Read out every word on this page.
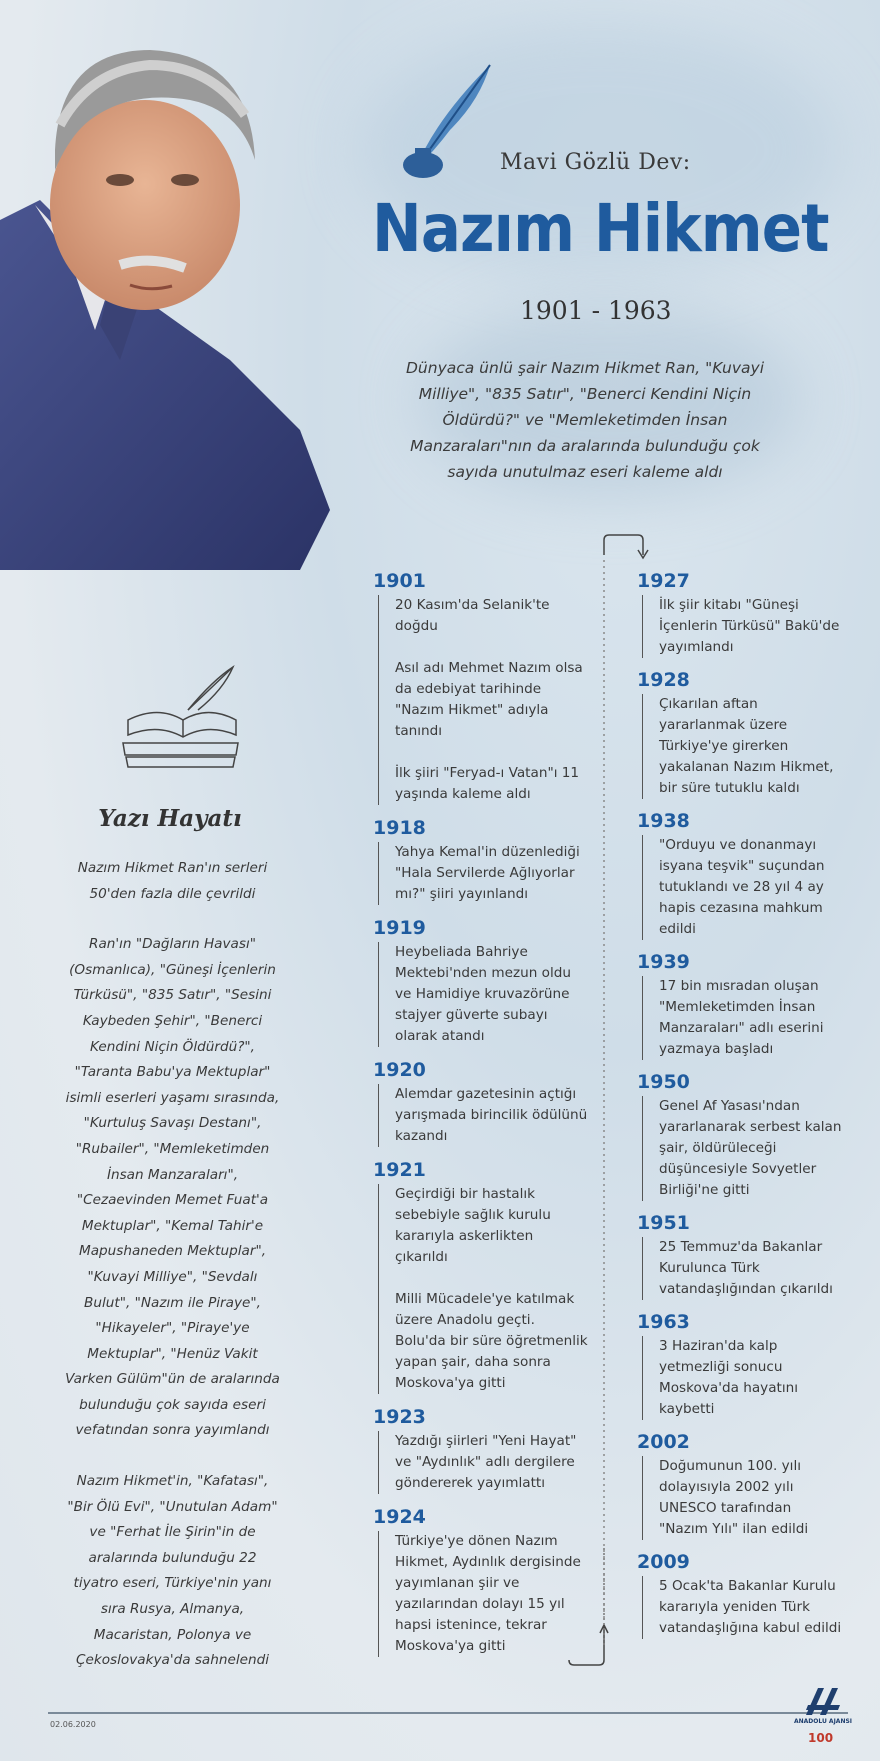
Mavi Gözlü Dev:
Nazım Hikmet
1901 - 1963
Dünyaca ünlü şair Nazım Hikmet Ran, "Kuvayi Milliye", "835 Satır", "Benerci Kendini Niçin Öldürdü?" ve "Memleketimden İnsan Manzaraları"nın da aralarında bulunduğu çok sayıda unutulmaz eseri kaleme aldı
Yazı Hayatı

Nazım Hikmet Ran'ın serleri 50'den fazla dile çevrildi

Ran'ın "Dağların Havası" (Osmanlıca), "Güneşi İçenlerin Türküsü", "835 Satır", "Sesini Kaybeden Şehir", "Benerci Kendini Niçin Öldürdü?", "Taranta Babu'ya Mektuplar" isimli eserleri yaşamı sırasında, "Kurtuluş Savaşı Destanı", "Rubailer", "Memleketimden İnsan Manzaraları", "Cezaevinden Memet Fuat'a Mektuplar", "Kemal Tahir'e Mapushaneden Mektuplar", "Kuvayi Milliye", "Sevdalı Bulut", "Nazım ile Piraye", "Hikayeler", "Piraye'ye Mektuplar", "Henüz Vakit Varken Gülüm"ün de aralarında bulunduğu çok sayıda eseri vefatından sonra yayımlandı

Nazım Hikmet'in, "Kafatası", "Bir Ölü Evi", "Unutulan Adam" ve "Ferhat İle Şirin"in de aralarında bulunduğu 22 tiyatro eseri, Türkiye'nin yanı sıra Rusya, Almanya, Macaristan, Polonya ve Çekoslovakya'da sahnelendi

1901

20 Kasım'da Selanik'te doğdu

Asıl adı Mehmet Nazım olsa da edebiyat tarihinde "Nazım Hikmet" adıyla tanındı

İlk şiiri "Feryad-ı Vatan"ı 11 yaşında kaleme aldı

1918

Yahya Kemal'in düzenlediği "Hala Servilerde Ağlıyorlar mı?" şiiri yayınlandı

1919

Heybeliada Bahriye Mektebi'nden mezun oldu ve Hamidiye kruvazörüne stajyer güverte subayı olarak atandı

1920

Alemdar gazetesinin açtığı yarışmada birincilik ödülünü kazandı

1921

Geçirdiği bir hastalık sebebiyle sağlık kurulu kararıyla askerlikten çıkarıldı

Milli Mücadele'ye katılmak üzere Anadolu geçti. Bolu'da bir süre öğretmenlik yapan şair, daha sonra Moskova'ya gitti

1923

Yazdığı şiirleri "Yeni Hayat" ve "Aydınlık" adlı dergilere göndererek yayımlattı

1924

Türkiye'ye dönen Nazım Hikmet, Aydınlık dergisinde yayımlanan şiir ve yazılarından dolayı 15 yıl hapsi istenince, tekrar Moskova'ya gitti

1927

İlk şiir kitabı "Güneşi İçenlerin Türküsü" Bakü'de yayımlandı

1928

Çıkarılan aftan yararlanmak üzere Türkiye'ye girerken yakalanan Nazım Hikmet, bir süre tutuklu kaldı

1938

"Orduyu ve donanmayı isyana teşvik" suçundan tutuklandı ve 28 yıl 4 ay hapis cezasına mahkum edildi

1939

17 bin mısradan oluşan "Memleketimden İnsan Manzaraları" adlı eserini yazmaya başladı

1950

Genel Af Yasası'ndan yararlanarak serbest kalan şair, öldürüleceği düşüncesiyle Sovyetler Birliği'ne gitti

1951

25 Temmuz'da Bakanlar Kurulunca Türk vatandaşlığından çıkarıldı

1963

3 Haziran'da kalp yetmezliği sonucu Moskova'da hayatını kaybetti

2002

Doğumunun 100. yılı dolayısıyla 2002 yılı UNESCO tarafından "Nazım Yılı" ilan edildi

2009

5 Ocak'ta Bakanlar Kurulu kararıyla yeniden Türk vatandaşlığına kabul edildi

02.06.2020
100
ANADOLU AJANSI
